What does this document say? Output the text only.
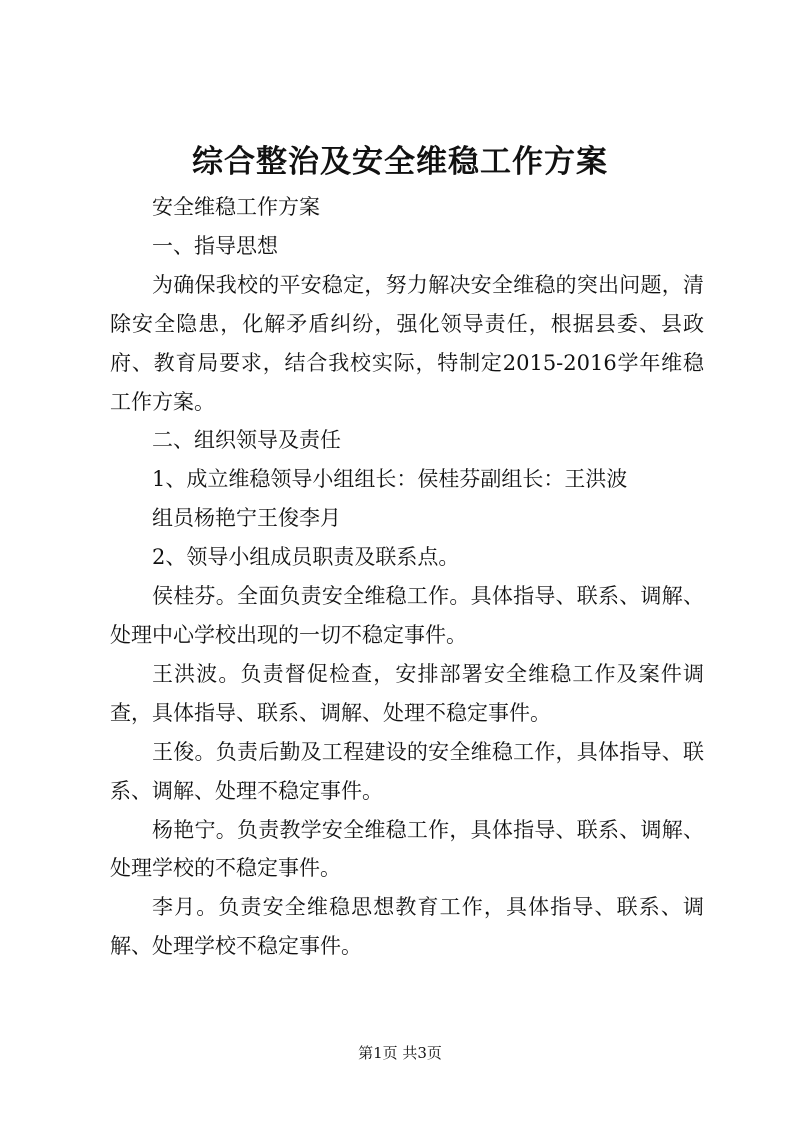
综合整治及安全维稳工作方案

安全维稳工作方案

一、指导思想

为确保我校的平安稳定，努力解决安全维稳的突出问题，清除安全隐患，化解矛盾纠纷，强化领导责任，根据县委、县政府、教育局要求，结合我校实际，特制定2015-2016学年维稳工作方案。

二、组织领导及责任

1、成立维稳领导小组组长：侯桂芬副组长：王洪波

组员杨艳宁王俊李月

2、领导小组成员职责及联系点。

侯桂芬。全面负责安全维稳工作。具体指导、联系、调解、处理中心学校出现的一切不稳定事件。

王洪波。负责督促检查，安排部署安全维稳工作及案件调查，具体指导、联系、调解、处理不稳定事件。

王俊。负责后勤及工程建设的安全维稳工作，具体指导、联系、调解、处理不稳定事件。

杨艳宁。负责教学安全维稳工作，具体指导、联系、调解、处理学校的不稳定事件。

李月。负责安全维稳思想教育工作，具体指导、联系、调解、处理学校不稳定事件。

第1页 共3页
